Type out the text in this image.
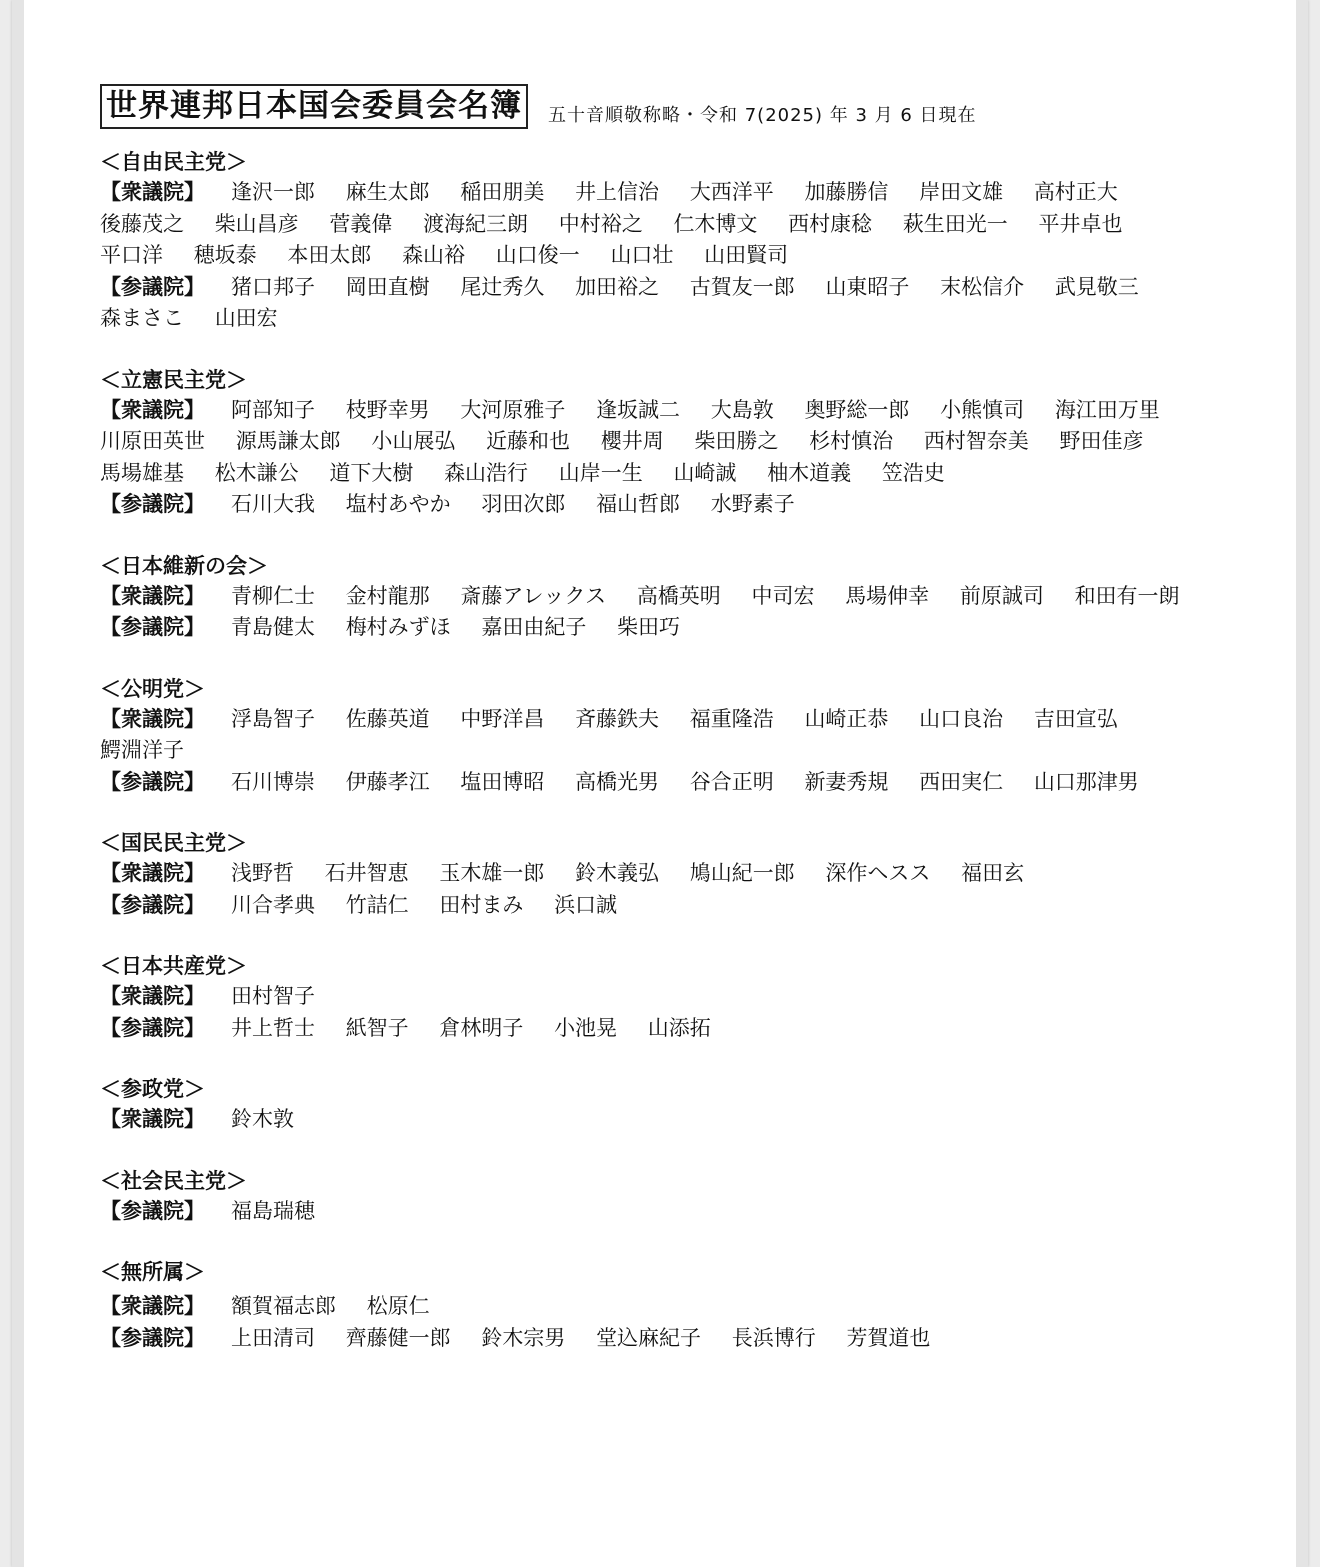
世界連邦日本国会委員会名簿	五十音順敬称略・令和 7(2025) 年 3 月 6 日現在
＜自由民主党＞
【衆議院】 逢沢一郎 麻生太郎 稲田朋美 井上信治 大西洋平 加藤勝信 岸田文雄 高村正大 後藤茂之 柴山昌彦 菅義偉 渡海紀三朗 中村裕之 仁木博文 西村康稔 萩生田光一 平井卓也 平口洋 穂坂泰 本田太郎 森山裕 山口俊一 山口壮 山田賢司
【参議院】 猪口邦子 岡田直樹 尾辻秀久 加田裕之 古賀友一郎 山東昭子 末松信介 武見敬三 森まさこ 山田宏
＜立憲民主党＞
【衆議院】 阿部知子 枝野幸男 大河原雅子 逢坂誠二 大島敦 奥野総一郎 小熊慎司 海江田万里 川原田英世 源馬謙太郎 小山展弘 近藤和也 櫻井周 柴田勝之 杉村慎治 西村智奈美 野田佳彦 馬場雄基 松木謙公 道下大樹 森山浩行 山岸一生 山崎誠 柚木道義 笠浩史
【参議院】 石川大我 塩村あやか 羽田次郎 福山哲郎 水野素子
＜日本維新の会＞
【衆議院】 青柳仁士 金村龍那 斎藤アレックス 高橋英明 中司宏 馬場伸幸 前原誠司 和田有一朗
【参議院】 青島健太 梅村みずほ 嘉田由紀子 柴田巧
＜公明党＞
【衆議院】 浮島智子 佐藤英道 中野洋昌 斉藤鉄夫 福重隆浩 山崎正恭 山口良治 吉田宣弘 鰐淵洋子
【参議院】 石川博崇 伊藤孝江 塩田博昭 高橋光男 谷合正明 新妻秀規 西田実仁 山口那津男
＜国民民主党＞
【衆議院】 浅野哲 石井智恵 玉木雄一郎 鈴木義弘 鳩山紀一郎 深作ヘスス 福田玄
【参議院】 川合孝典 竹詰仁 田村まみ 浜口誠
＜日本共産党＞
【衆議院】 田村智子
【参議院】 井上哲士 紙智子 倉林明子 小池晃 山添拓
＜参政党＞
【衆議院】 鈴木敦
＜社会民主党＞
【参議院】 福島瑞穂
＜無所属＞
【衆議院】 額賀福志郎 松原仁
【参議院】 上田清司 齊藤健一郎 鈴木宗男 堂込麻紀子 長浜博行 芳賀道也
